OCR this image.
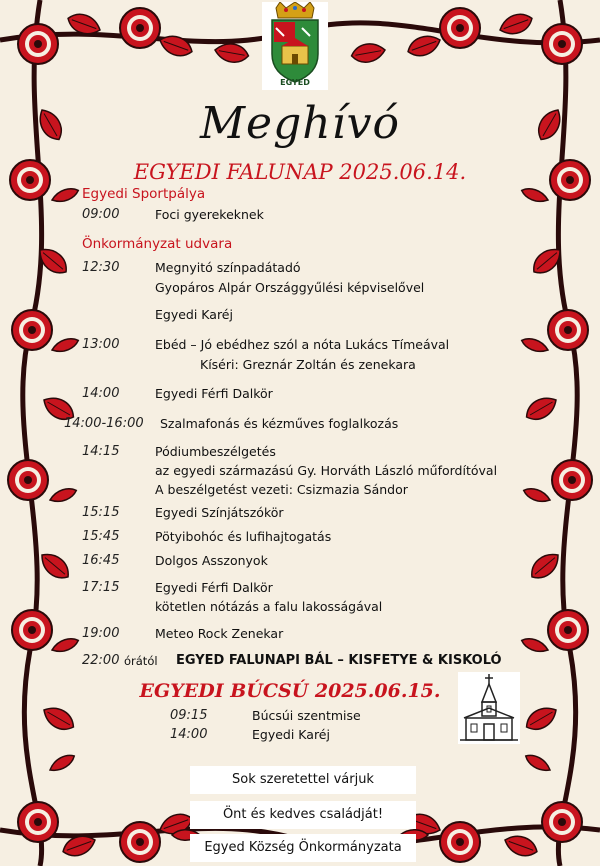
EGYED
Meghívó
EGYEDI FALUNAP 2025.06.14.
Egyedi Sportpálya
09:00	Foci gyerekeknek
Önkormányzat udvara
12:30	Megnyitó színpadátadó
Gyopáros Alpár Országgyűlési képviselővel
Egyedi Karéj
13:00	Ebéd – Jó ebédhez szól a nóta Lukács Tímeával
Kíséri: Greznár Zoltán és zenekara
14:00	Egyedi Férfi Dalkör
14:00-16:00 Szalmafonás és kézműves foglalkozás
14:15	Pódiumbeszélgetés
az egyedi származású Gy. Horváth László műfordítóval
A beszélgetést vezeti: Csizmazia Sándor
15:15	Egyedi Színjátszókör
15:45	Pötyibohóc és lufihajtogatás
16:45	Dolgos Asszonyok
17:15	Egyedi Férfi Dalkör
kötetlen nótázás a falu lakosságával
19:00	Meteo Rock Zenekar
22:00 órától EGYED FALUNAPI BÁL – KISFETYE & KISKOLÓ
EGYEDI BÚCSÚ 2025.06.15.
09:15	Búcsúi szentmise
14:00	Egyedi Karéj
Sok szeretettel várjuk
Önt és kedves családját!
Egyed Község Önkormányzata
